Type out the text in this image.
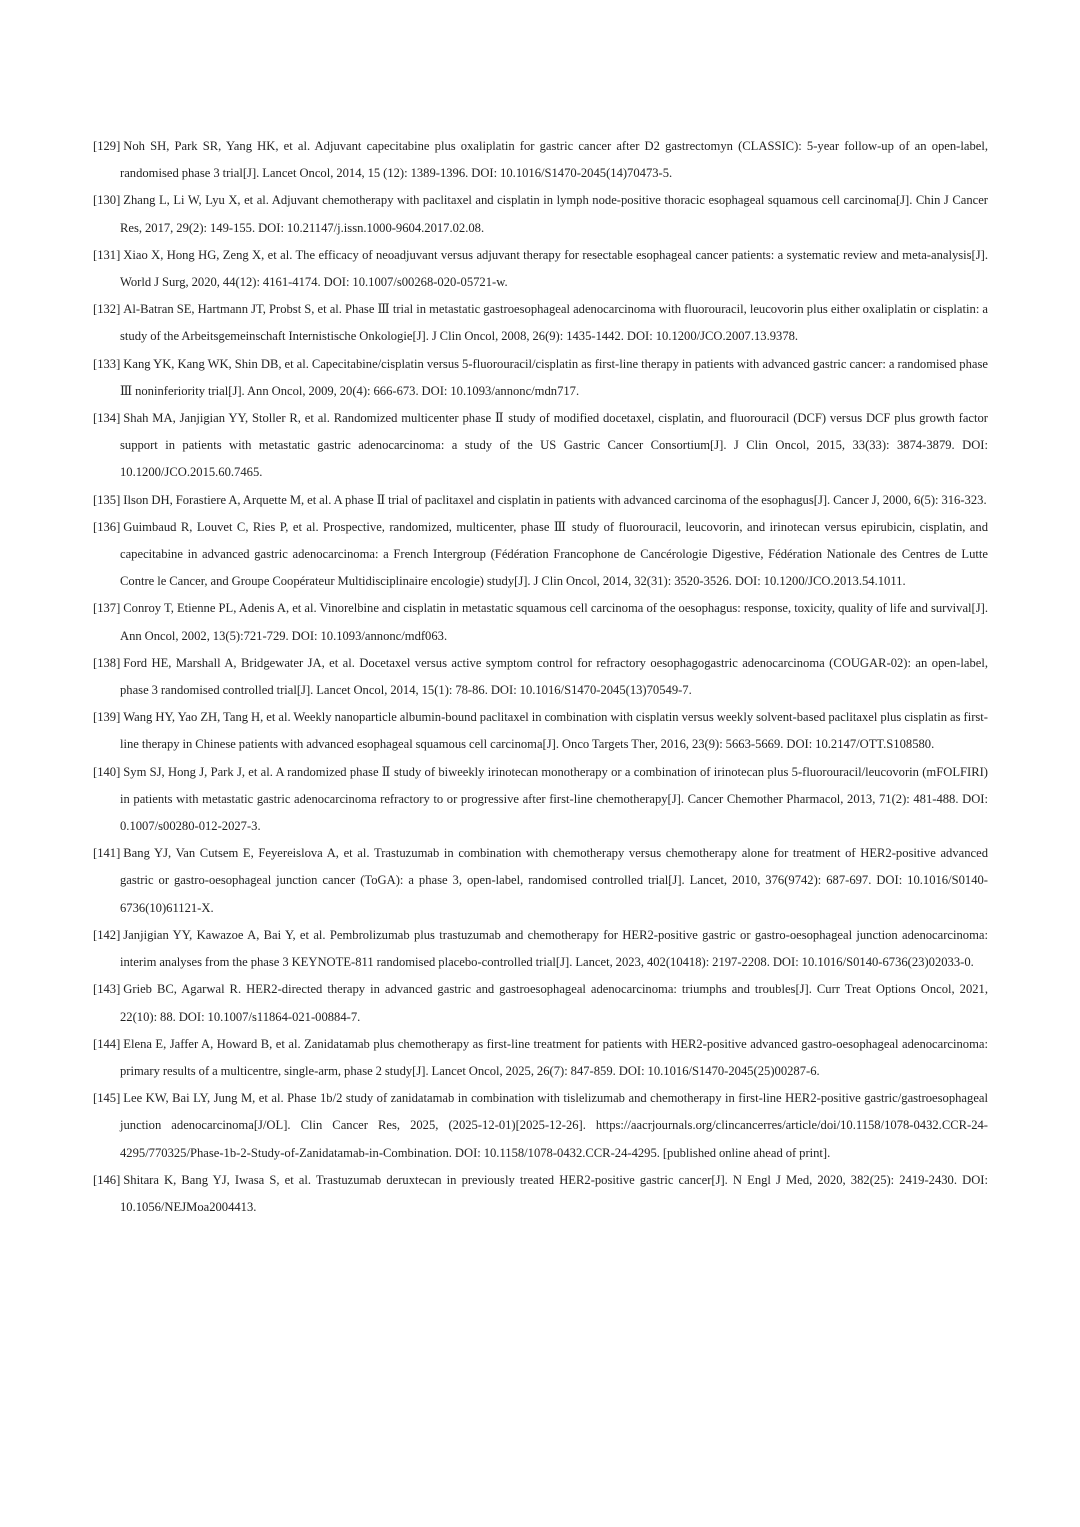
[129] Noh SH, Park SR, Yang HK, et al. Adjuvant capecitabine plus oxaliplatin for gastric cancer after D2 gastrectomyn (CLASSIC): 5-year follow-up of an open-label, randomised phase 3 trial[J]. Lancet Oncol, 2014, 15 (12): 1389-1396. DOI: 10.1016/S1470-2045(14)70473-5.
[130] Zhang L, Li W, Lyu X, et al. Adjuvant chemotherapy with paclitaxel and cisplatin in lymph node-positive thoracic esophageal squamous cell carcinoma[J]. Chin J Cancer Res, 2017, 29(2): 149-155. DOI: 10.21147/j.issn.1000-9604.2017.02.08.
[131] Xiao X, Hong HG, Zeng X, et al. The efficacy of neoadjuvant versus adjuvant therapy for resectable esophageal cancer patients: a systematic review and meta-analysis[J]. World J Surg, 2020, 44(12): 4161-4174. DOI: 10.1007/s00268-020-05721-w.
[132] Al-Batran SE, Hartmann JT, Probst S, et al. Phase Ⅲ trial in metastatic gastroesophageal adenocarcinoma with fluorouracil, leucovorin plus either oxaliplatin or cisplatin: a study of the Arbeitsgemeinschaft Internistische Onkologie[J]. J Clin Oncol, 2008, 26(9): 1435-1442. DOI: 10.1200/JCO.2007.13.9378.
[133] Kang YK, Kang WK, Shin DB, et al. Capecitabine/cisplatin versus 5-fluorouracil/cisplatin as first-line therapy in patients with advanced gastric cancer: a randomised phase Ⅲ noninferiority trial[J]. Ann Oncol, 2009, 20(4): 666-673. DOI: 10.1093/annonc/mdn717.
[134] Shah MA, Janjigian YY, Stoller R, et al. Randomized multicenter phase Ⅱ study of modified docetaxel, cisplatin, and fluorouracil (DCF) versus DCF plus growth factor support in patients with metastatic gastric adenocarcinoma: a study of the US Gastric Cancer Consortium[J]. J Clin Oncol, 2015, 33(33): 3874-3879. DOI: 10.1200/JCO.2015.60.7465.
[135] Ilson DH, Forastiere A, Arquette M, et al. A phase Ⅱ trial of paclitaxel and cisplatin in patients with advanced carcinoma of the esophagus[J]. Cancer J, 2000, 6(5): 316-323.
[136] Guimbaud R, Louvet C, Ries P, et al. Prospective, randomized, multicenter, phase Ⅲ study of fluorouracil, leucovorin, and irinotecan versus epirubicin, cisplatin, and capecitabine in advanced gastric adenocarcinoma: a French Intergroup (Fédération Francophone de Cancérologie Digestive, Fédération Nationale des Centres de Lutte Contre le Cancer, and Groupe Coopérateur Multidisciplinaire encologie) study[J]. J Clin Oncol, 2014, 32(31): 3520-3526. DOI: 10.1200/JCO.2013.54.1011.
[137] Conroy T, Etienne PL, Adenis A, et al. Vinorelbine and cisplatin in metastatic squamous cell carcinoma of the oesophagus: response, toxicity, quality of life and survival[J]. Ann Oncol, 2002, 13(5):721-729. DOI: 10.1093/annonc/mdf063.
[138] Ford HE, Marshall A, Bridgewater JA, et al. Docetaxel versus active symptom control for refractory oesophagogastric adenocarcinoma (COUGAR-02): an open-label, phase 3 randomised controlled trial[J]. Lancet Oncol, 2014, 15(1): 78-86. DOI: 10.1016/S1470-2045(13)70549-7.
[139] Wang HY, Yao ZH, Tang H, et al. Weekly nanoparticle albumin-bound paclitaxel in combination with cisplatin versus weekly solvent-based paclitaxel plus cisplatin as first-line therapy in Chinese patients with advanced esophageal squamous cell carcinoma[J]. Onco Targets Ther, 2016, 23(9): 5663-5669. DOI: 10.2147/OTT.S108580.
[140] Sym SJ, Hong J, Park J, et al. A randomized phase Ⅱ study of biweekly irinotecan monotherapy or a combination of irinotecan plus 5-fluorouracil/leucovorin (mFOLFIRI) in patients with metastatic gastric adenocarcinoma refractory to or progressive after first-line chemotherapy[J]. Cancer Chemother Pharmacol, 2013, 71(2): 481-488. DOI: 0.1007/s00280-012-2027-3.
[141] Bang YJ, Van Cutsem E, Feyereislova A, et al. Trastuzumab in combination with chemotherapy versus chemotherapy alone for treatment of HER2-positive advanced gastric or gastro-oesophageal junction cancer (ToGA): a phase 3, open-label, randomised controlled trial[J]. Lancet, 2010, 376(9742): 687-697. DOI: 10.1016/S0140-6736(10)61121-X.
[142] Janjigian YY, Kawazoe A, Bai Y, et al. Pembrolizumab plus trastuzumab and chemotherapy for HER2-positive gastric or gastro-oesophageal junction adenocarcinoma: interim analyses from the phase 3 KEYNOTE-811 randomised placebo-controlled trial[J]. Lancet, 2023, 402(10418): 2197-2208. DOI: 10.1016/S0140-6736(23)02033-0.
[143] Grieb BC, Agarwal R. HER2-directed therapy in advanced gastric and gastroesophageal adenocarcinoma: triumphs and troubles[J]. Curr Treat Options Oncol, 2021, 22(10): 88. DOI: 10.1007/s11864-021-00884-7.
[144] Elena E, Jaffer A, Howard B, et al. Zanidatamab plus chemotherapy as first-line treatment for patients with HER2-positive advanced gastro-oesophageal adenocarcinoma: primary results of a multicentre, single-arm, phase 2 study[J]. Lancet Oncol, 2025, 26(7): 847-859. DOI: 10.1016/S1470-2045(25)00287-6.
[145] Lee KW, Bai LY, Jung M, et al. Phase 1b/2 study of zanidatamab in combination with tislelizumab and chemotherapy in first-line HER2-positive gastric/gastroesophageal junction adenocarcinoma[J/OL]. Clin Cancer Res, 2025, (2025-12-01)[2025-12-26]. https://aacrjournals.org/clincancerres/article/doi/10.1158/1078-0432.CCR-24-4295/770325/Phase-1b-2-Study-of-Zanidatamab-in-Combination. DOI: 10.1158/1078-0432.CCR-24-4295. [published online ahead of print].
[146] Shitara K, Bang YJ, Iwasa S, et al. Trastuzumab deruxtecan in previously treated HER2-positive gastric cancer[J]. N Engl J Med, 2020, 382(25): 2419-2430. DOI: 10.1056/NEJMoa2004413.
